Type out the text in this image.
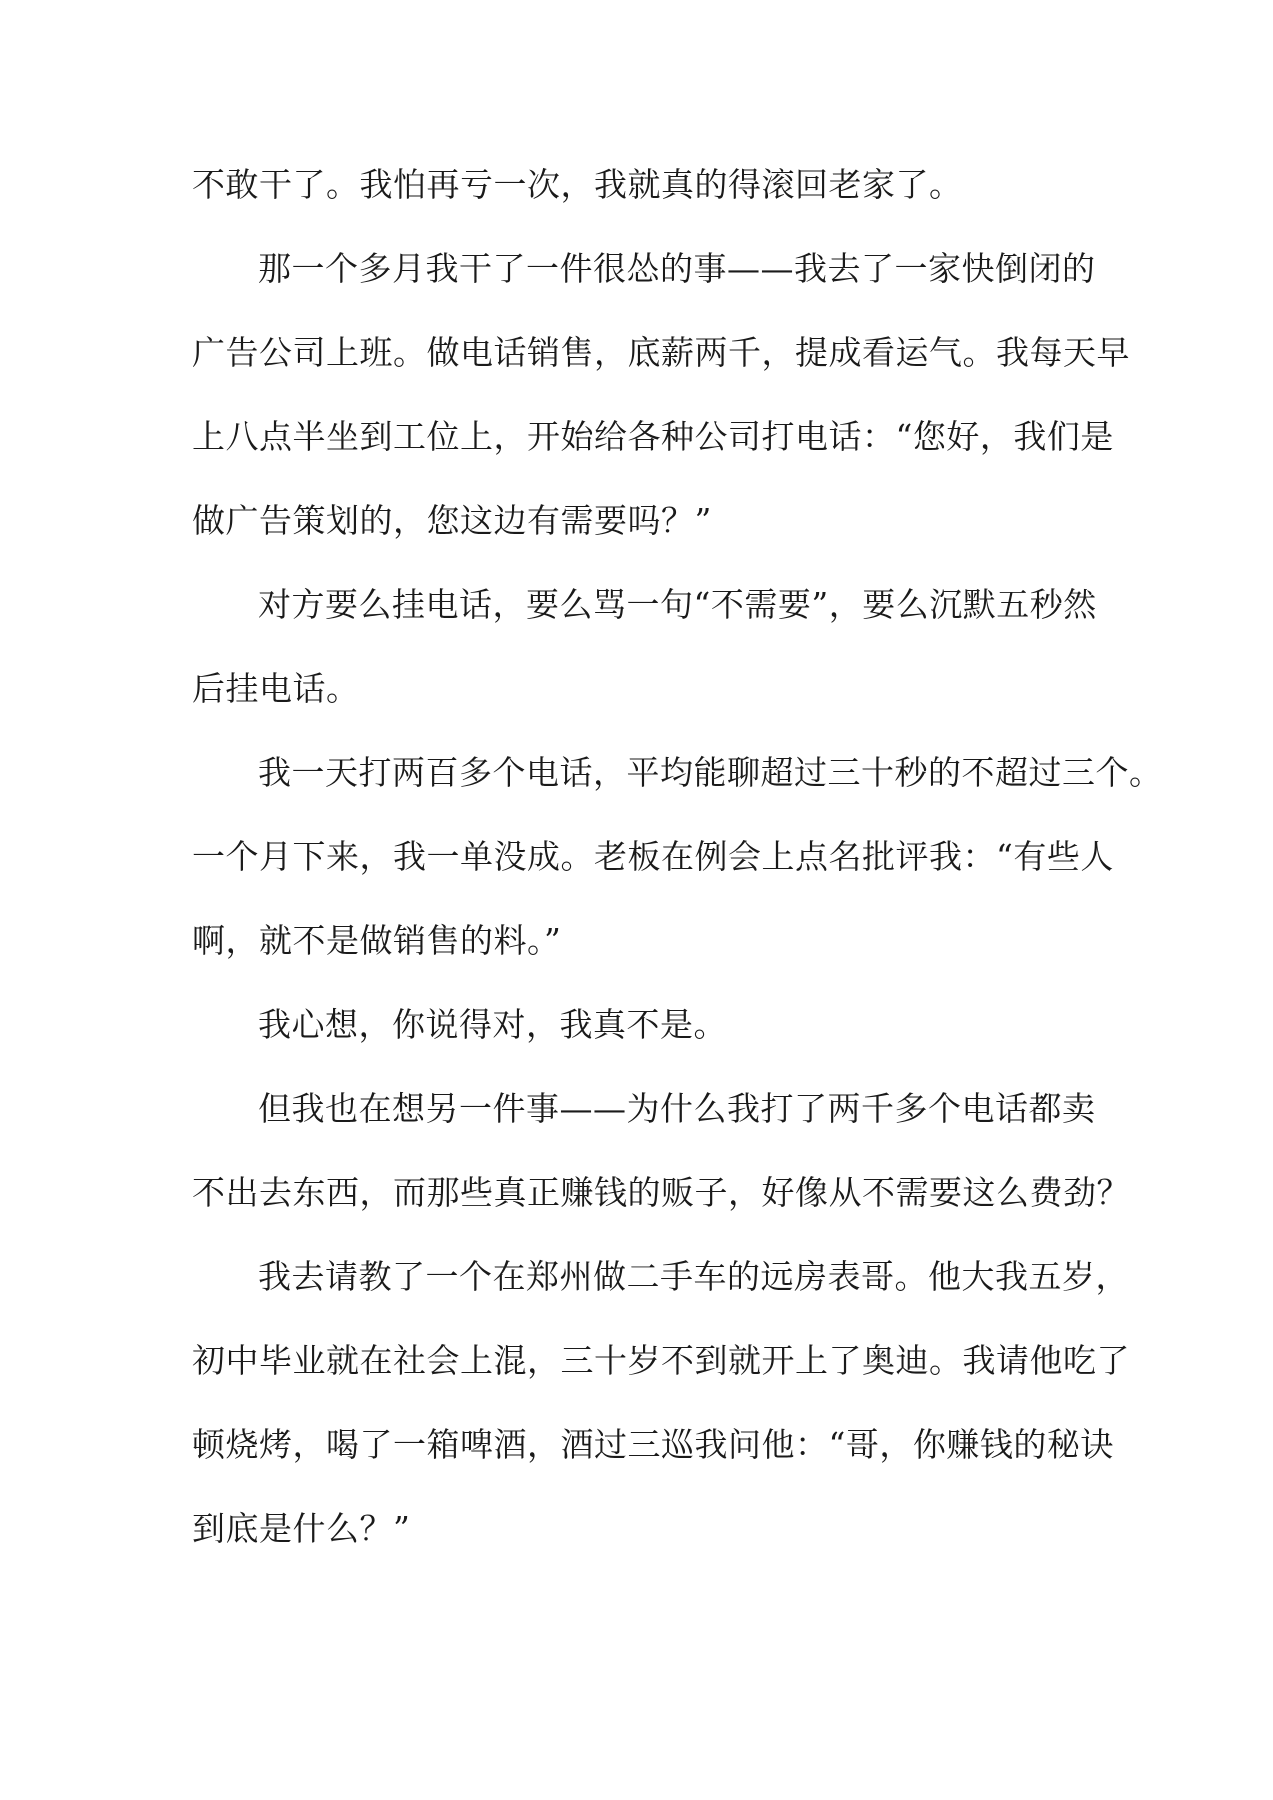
不敢干了。我怕再亏一次，我就真的得滚回老家了。
那一个多月我干了一件很怂的事——我去了一家快倒闭的
广告公司上班。做电话销售，底薪两千，提成看运气。我每天早
上八点半坐到工位上，开始给各种公司打电话：“您好，我们是
做广告策划的，您这边有需要吗？”
对方要么挂电话，要么骂一句“不需要”，要么沉默五秒然
后挂电话。
我一天打两百多个电话，平均能聊超过三十秒的不超过三个。
一个月下来，我一单没成。老板在例会上点名批评我：“有些人
啊，就不是做销售的料。”
我心想，你说得对，我真不是。
但我也在想另一件事——为什么我打了两千多个电话都卖
不出去东西，而那些真正赚钱的贩子，好像从不需要这么费劲？
我去请教了一个在郑州做二手车的远房表哥。他大我五岁，
初中毕业就在社会上混，三十岁不到就开上了奥迪。我请他吃了
顿烧烤，喝了一箱啤酒，酒过三巡我问他：“哥，你赚钱的秘诀
到底是什么？”
